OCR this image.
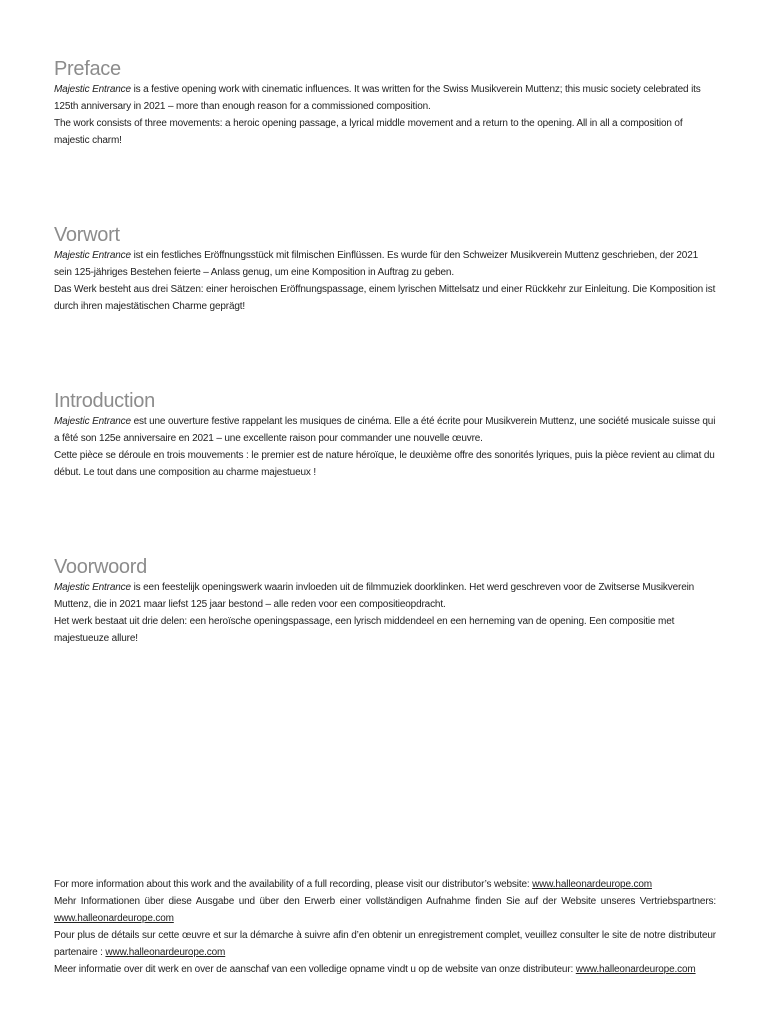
Preface

Majestic Entrance is a festive opening work with cinematic influences. It was written for the Swiss Musikverein Muttenz; this music society celebrated its 125th anniversary in 2021 – more than enough reason for a commissioned composition.

The work consists of three movements: a heroic opening passage, a lyrical middle movement and a return to the opening. All in all a composition of majestic charm!

Vorwort

Majestic Entrance ist ein festliches Eröffnungsstück mit filmischen Einflüssen. Es wurde für den Schweizer Musikverein Muttenz geschrieben, der 2021 sein 125-jähriges Bestehen feierte – Anlass genug, um eine Komposition in Auftrag zu geben.

Das Werk besteht aus drei Sätzen: einer heroischen Eröffnungspassage, einem lyrischen Mittelsatz und einer Rückkehr zur Einleitung. Die Komposition ist durch ihren majestätischen Charme geprägt!

Introduction

Majestic Entrance est une ouverture festive rappelant les musiques de cinéma. Elle a été écrite pour Musikverein Muttenz, une société musicale suisse qui a fêté son 125e anniversaire en 2021 – une excellente raison pour commander une nouvelle œuvre.

Cette pièce se déroule en trois mouvements : le premier est de nature héroïque, le deuxième offre des sonorités lyriques, puis la pièce revient au climat du début. Le tout dans une composition au charme majestueux !

Voorwoord

Majestic Entrance is een feestelijk openingswerk waarin invloeden uit de filmmuziek doorklinken. Het werd geschreven voor de Zwitserse Musikverein Muttenz, die in 2021 maar liefst 125 jaar bestond – alle reden voor een compositieopdracht.

Het werk bestaat uit drie delen: een heroïsche openingspassage, een lyrisch middendeel en een herneming van de opening. Een compositie met majestueuze allure!

For more information about this work and the availability of a full recording, please visit our distributor’s website: www.halleonardeurope.com

Mehr Informationen über diese Ausgabe und über den Erwerb einer vollständigen Aufnahme finden Sie auf der Website unseres Vertriebspartners: www.halleonardeurope.com

Pour plus de détails sur cette œuvre et sur la démarche à suivre afin d’en obtenir un enregistrement complet, veuillez consulter le site de notre distributeur partenaire : www.halleonardeurope.com

Meer informatie over dit werk en over de aanschaf van een volledige opname vindt u op de website van onze distributeur: www.halleonardeurope.com
